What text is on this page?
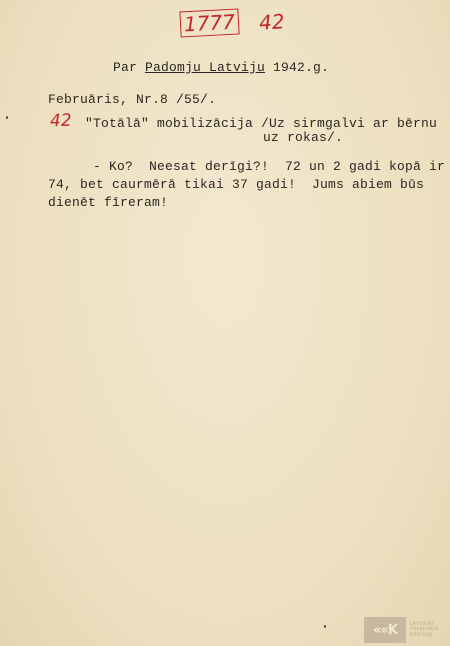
1777 42
Par Padomju Latviju 1942.g.
Februāris, Nr.8 /55/.
42 "Totālā" mobilizācija /Uz sirmgalvi ar bērnu
uz rokas/.
- Ko?  Neesat derīgi?!  72 un 2 gadi kopā ir
74, bet caurmērā tikai 37 gadi!  Jums abiem būs
dienēt fīreram!
««K	LATVIEŠU
FOLKLORAS
KRĀTUVE
